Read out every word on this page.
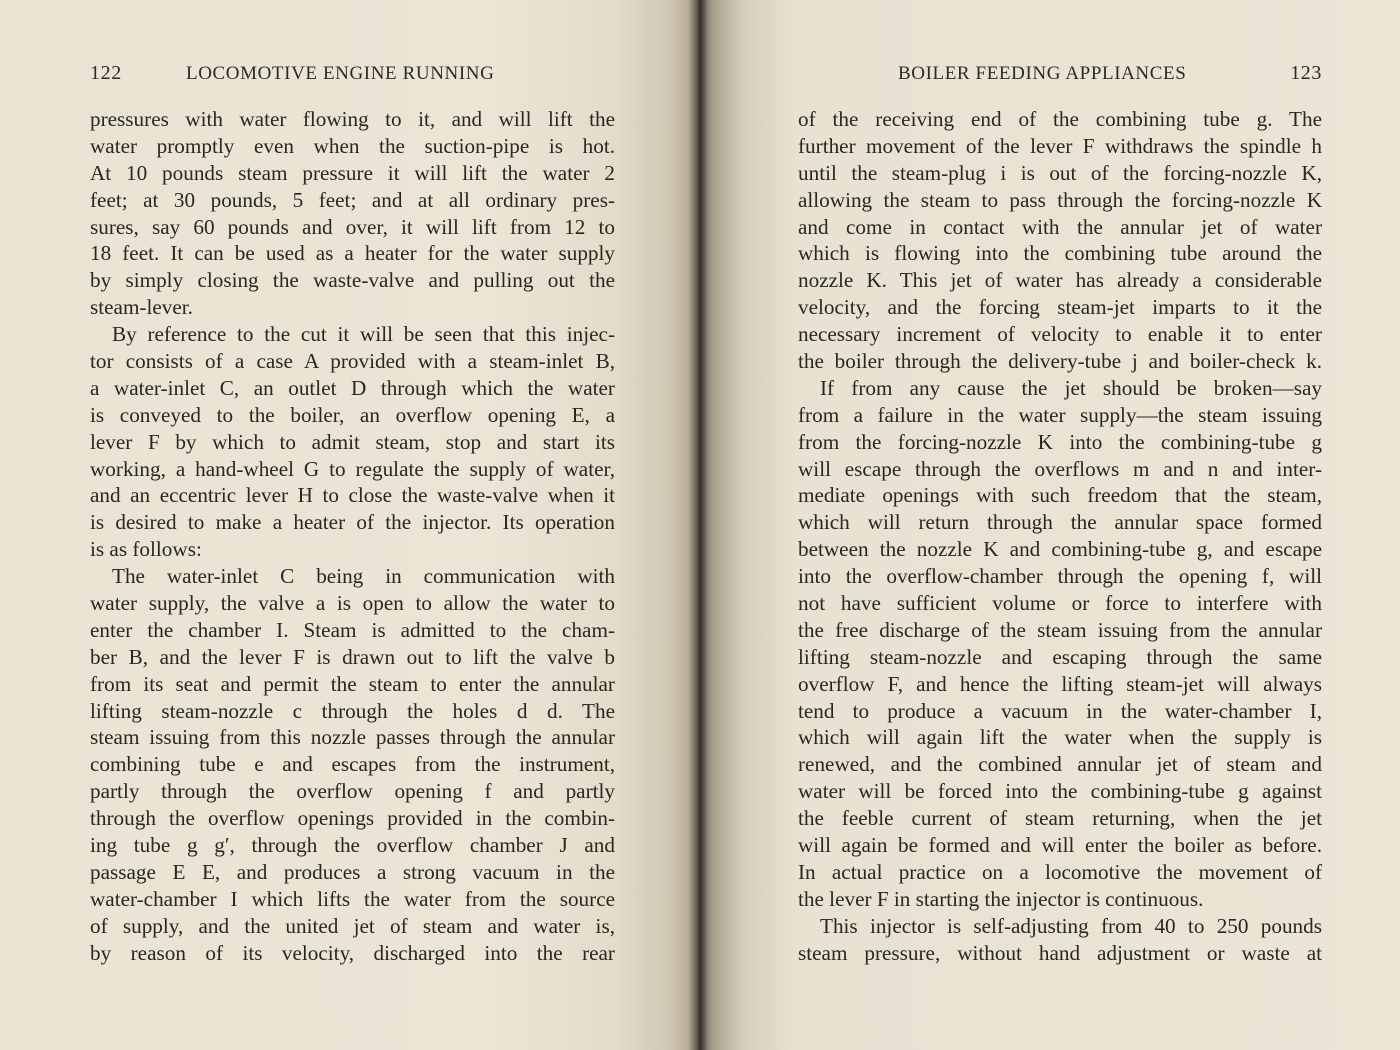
122	LOCOMOTIVE ENGINE RUNNING
pressures with water flowing to it, and will lift the
water promptly even when the suction-pipe is hot.
At 10 pounds steam pressure it will lift the water 2
feet; at 30 pounds, 5 feet; and at all ordinary pres-
sures, say 60 pounds and over, it will lift from 12 to
18 feet. It can be used as a heater for the water supply
by simply closing the waste-valve and pulling out the
steam-lever.
By reference to the cut it will be seen that this injec-
tor consists of a case A provided with a steam-inlet B,
a water-inlet C, an outlet D through which the water
is conveyed to the boiler, an overflow opening E, a
lever F by which to admit steam, stop and start its
working, a hand-wheel G to regulate the supply of water,
and an eccentric lever H to close the waste-valve when it
is desired to make a heater of the injector. Its operation
is as follows:
The water-inlet C being in communication with
water supply, the valve a is open to allow the water to
enter the chamber I. Steam is admitted to the cham-
ber B, and the lever F is drawn out to lift the valve b
from its seat and permit the steam to enter the annular
lifting steam-nozzle c through the holes d d. The
steam issuing from this nozzle passes through the annular
combining tube e and escapes from the instrument,
partly through the overflow opening f and partly
through the overflow openings provided in the combin-
ing tube g g′, through the overflow chamber J and
passage E E, and produces a strong vacuum in the
water-chamber I which lifts the water from the source
of supply, and the united jet of steam and water is,
by reason of its velocity, discharged into the rear
BOILER FEEDING APPLIANCES	123
of the receiving end of the combining tube g. The
further movement of the lever F withdraws the spindle h
until the steam-plug i is out of the forcing-nozzle K,
allowing the steam to pass through the forcing-nozzle K
and come in contact with the annular jet of water
which is flowing into the combining tube around the
nozzle K. This jet of water has already a considerable
velocity, and the forcing steam-jet imparts to it the
necessary increment of velocity to enable it to enter
the boiler through the delivery-tube j and boiler-check k.
If from any cause the jet should be broken—say
from a failure in the water supply—the steam issuing
from the forcing-nozzle K into the combining-tube g
will escape through the overflows m and n and inter-
mediate openings with such freedom that the steam,
which will return through the annular space formed
between the nozzle K and combining-tube g, and escape
into the overflow-chamber through the opening f, will
not have sufficient volume or force to interfere with
the free discharge of the steam issuing from the annular
lifting steam-nozzle and escaping through the same
overflow F, and hence the lifting steam-jet will always
tend to produce a vacuum in the water-chamber I,
which will again lift the water when the supply is
renewed, and the combined annular jet of steam and
water will be forced into the combining-tube g against
the feeble current of steam returning, when the jet
will again be formed and will enter the boiler as before.
In actual practice on a locomotive the movement of
the lever F in starting the injector is continuous.
This injector is self-adjusting from 40 to 250 pounds
steam pressure, without hand adjustment or waste at
